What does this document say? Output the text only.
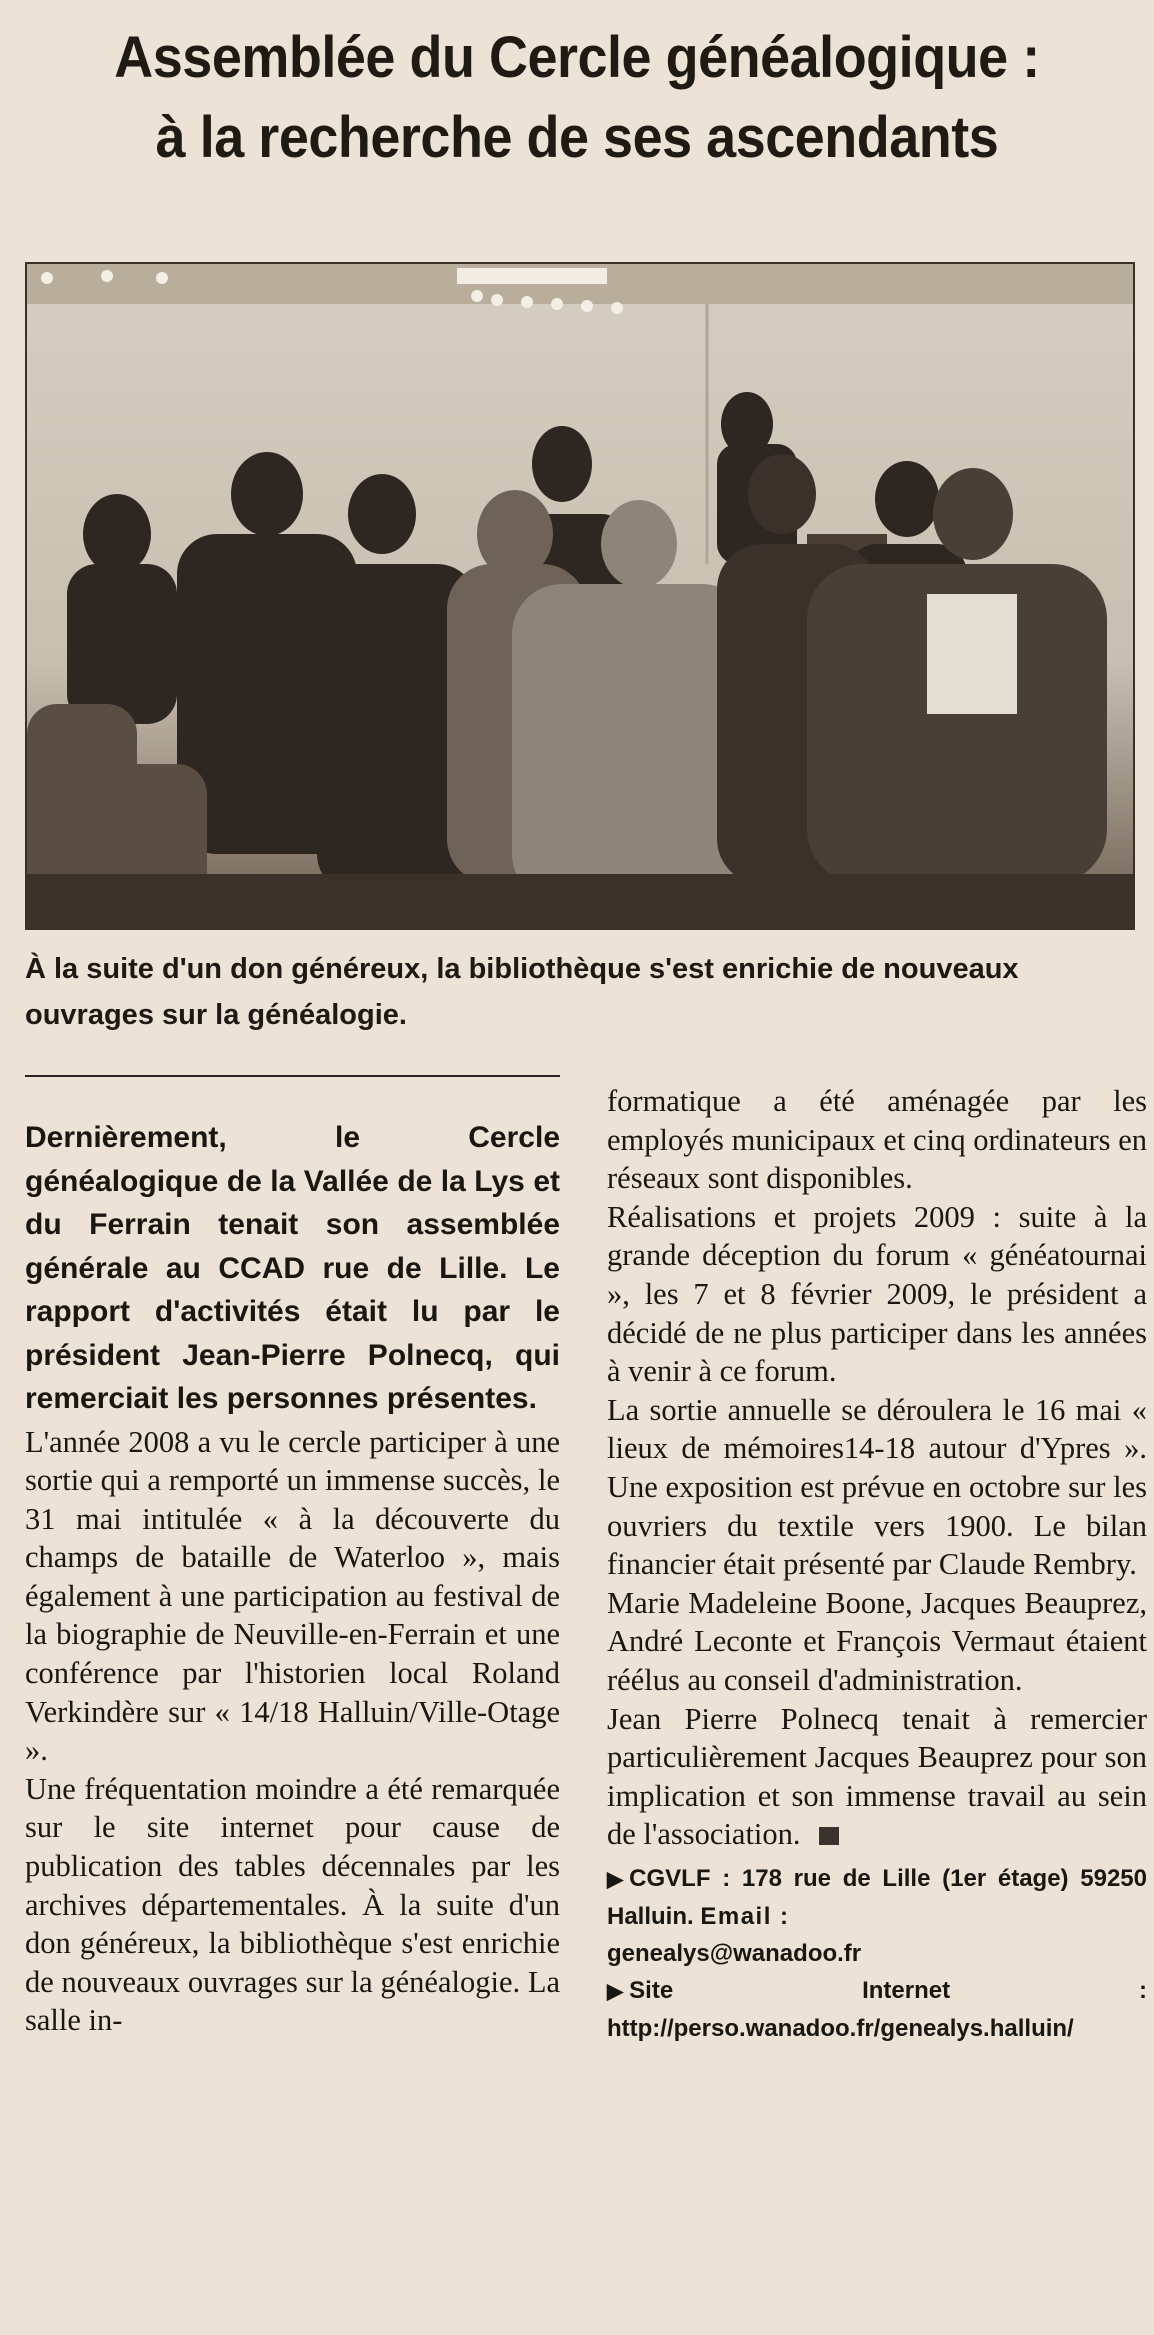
Assemblée du Cercle généalogique :
à la recherche de ses ascendants
À la suite d'un don généreux, la bibliothèque s'est enrichie de nouveaux ouvrages sur la généalogie.

Dernièrement, le Cercle généalogique de la Vallée de la Lys et du Ferrain tenait son assemblée générale au CCAD rue de Lille. Le rapport d'activités était lu par le président Jean-Pierre Polnecq, qui remerciait les personnes présentes.

L'année 2008 a vu le cercle participer à une sortie qui a remporté un immense succès, le 31 mai intitulée « à la découverte du champs de bataille de Waterloo », mais également à une participation au festival de la biographie de Neuville-en-Ferrain et une conférence par l'historien local Roland Verkindère sur « 14/18 Halluin/Ville-Otage ».

Une fréquentation moindre a été remarquée sur le site internet pour cause de publication des tables décennales par les archives départementales. À la suite d'un don généreux, la bibliothèque s'est enrichie de nouveaux ouvrages sur la généalogie. La salle in-

formatique a été aménagée par les employés municipaux et cinq ordinateurs en réseaux sont disponibles.

Réalisations et projets 2009 : suite à la grande déception du forum « généatournai », les 7 et 8 février 2009, le président a décidé de ne plus participer dans les années à venir à ce forum.

La sortie annuelle se déroulera le 16 mai « lieux de mémoires14-18 autour d'Ypres ». Une exposition est prévue en octobre sur les ouvriers du textile vers 1900. Le bilan financier était présenté par Claude Rembry.

Marie Madeleine Boone, Jacques Beauprez, André Leconte et François Vermaut étaient réélus au conseil d'administration.

Jean Pierre Polnecq tenait à remercier particulièrement Jacques Beauprez pour son implication et son immense travail au sein de l'association.

▶ CGVLF : 178 rue de Lille (1er étage) 59250 Halluin. Email :
genealys@wanadoo.fr
▶ Site Internet : http://perso.wanadoo.fr/genealys.halluin/
